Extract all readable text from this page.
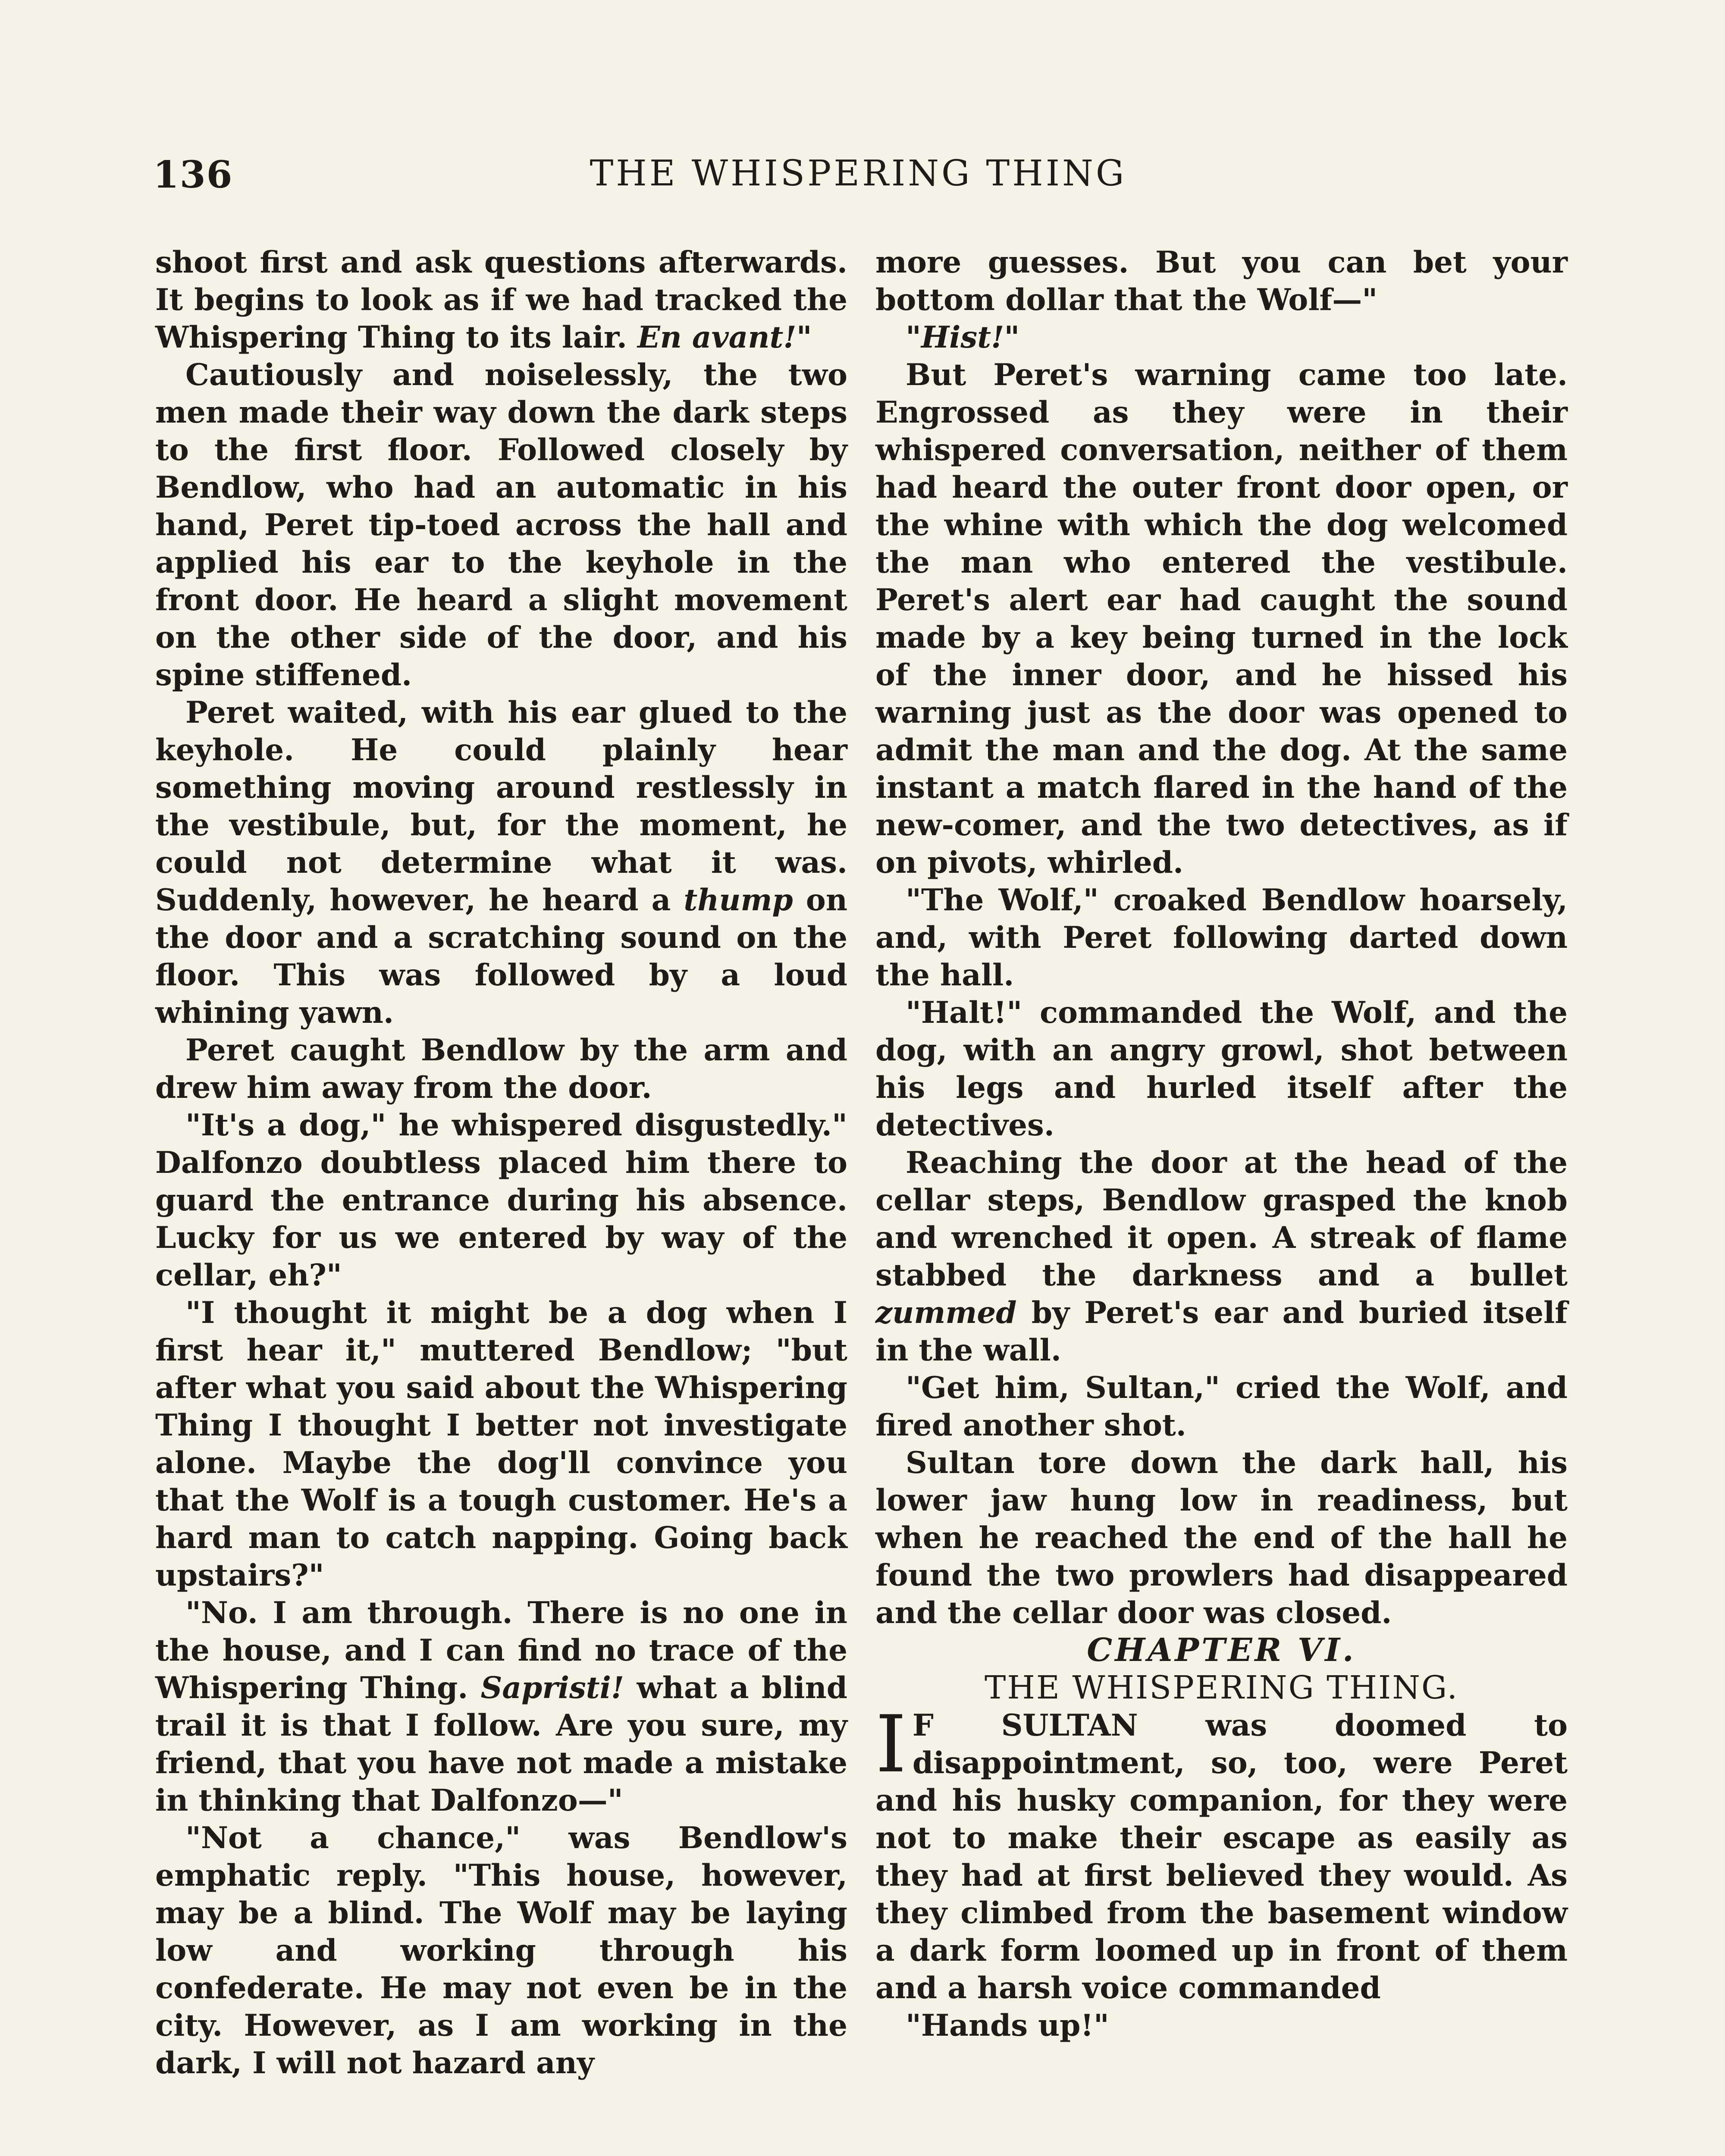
136	THE WHISPERING THING

shoot first and ask questions afterwards. It begins to look as if we had tracked the Whispering Thing to its lair. En avant!"

Cautiously and noiselessly, the two men made their way down the dark steps to the first floor. Followed closely by Bendlow, who had an automatic in his hand, Peret tip-toed across the hall and applied his ear to the keyhole in the front door. He heard a slight movement on the other side of the door, and his spine stiffened.

Peret waited, with his ear glued to the keyhole. He could plainly hear something moving around restlessly in the vestibule, but, for the moment, he could not determine what it was. Suddenly, however, he heard a thump on the door and a scratching sound on the floor. This was followed by a loud whining yawn.

Peret caught Bendlow by the arm and drew him away from the door.

"It's a dog," he whispered disgustedly." Dalfonzo doubtless placed him there to guard the entrance during his absence. Lucky for us we entered by way of the cellar, eh?"

"I thought it might be a dog when I first hear it," muttered Bendlow; "but after what you said about the Whispering Thing I thought I better not investigate alone. Maybe the dog'll convince you that the Wolf is a tough customer. He's a hard man to catch napping. Going back upstairs?"

"No. I am through. There is no one in the house, and I can find no trace of the Whispering Thing. Sapristi! what a blind trail it is that I follow. Are you sure, my friend, that you have not made a mistake in thinking that Dalfonzo—"

"Not a chance," was Bendlow's emphatic reply. "This house, however, may be a blind. The Wolf may be laying low and working through his confederate. He may not even be in the city. However, as I am working in the dark, I will not hazard any

more guesses. But you can bet your bottom dollar that the Wolf—"

"Hist!"

But Peret's warning came too late. Engrossed as they were in their whispered conversation, neither of them had heard the outer front door open, or the whine with which the dog welcomed the man who entered the vestibule. Peret's alert ear had caught the sound made by a key being turned in the lock of the inner door, and he hissed his warning just as the door was opened to admit the man and the dog. At the same instant a match flared in the hand of the new-comer, and the two detectives, as if on pivots, whirled.

"The Wolf," croaked Bendlow hoarsely, and, with Peret following darted down the hall.

"Halt!" commanded the Wolf, and the dog, with an angry growl, shot between his legs and hurled itself after the detectives.

Reaching the door at the head of the cellar steps, Bendlow grasped the knob and wrenched it open. A streak of flame stabbed the darkness and a bullet zummed by Peret's ear and buried itself in the wall.

"Get him, Sultan," cried the Wolf, and fired another shot.

Sultan tore down the dark hall, his lower jaw hung low in readiness, but when he reached the end of the hall he found the two prowlers had disappeared and the cellar door was closed.

CHAPTER VI.

THE WHISPERING THING.

I F SULTAN was doomed to disappointment, so, too, were Peret and his husky companion, for they were not to make their escape as easily as they had at first believed they would. As they climbed from the basement window a dark form loomed up in front of them and a harsh voice commanded

"Hands up!"
